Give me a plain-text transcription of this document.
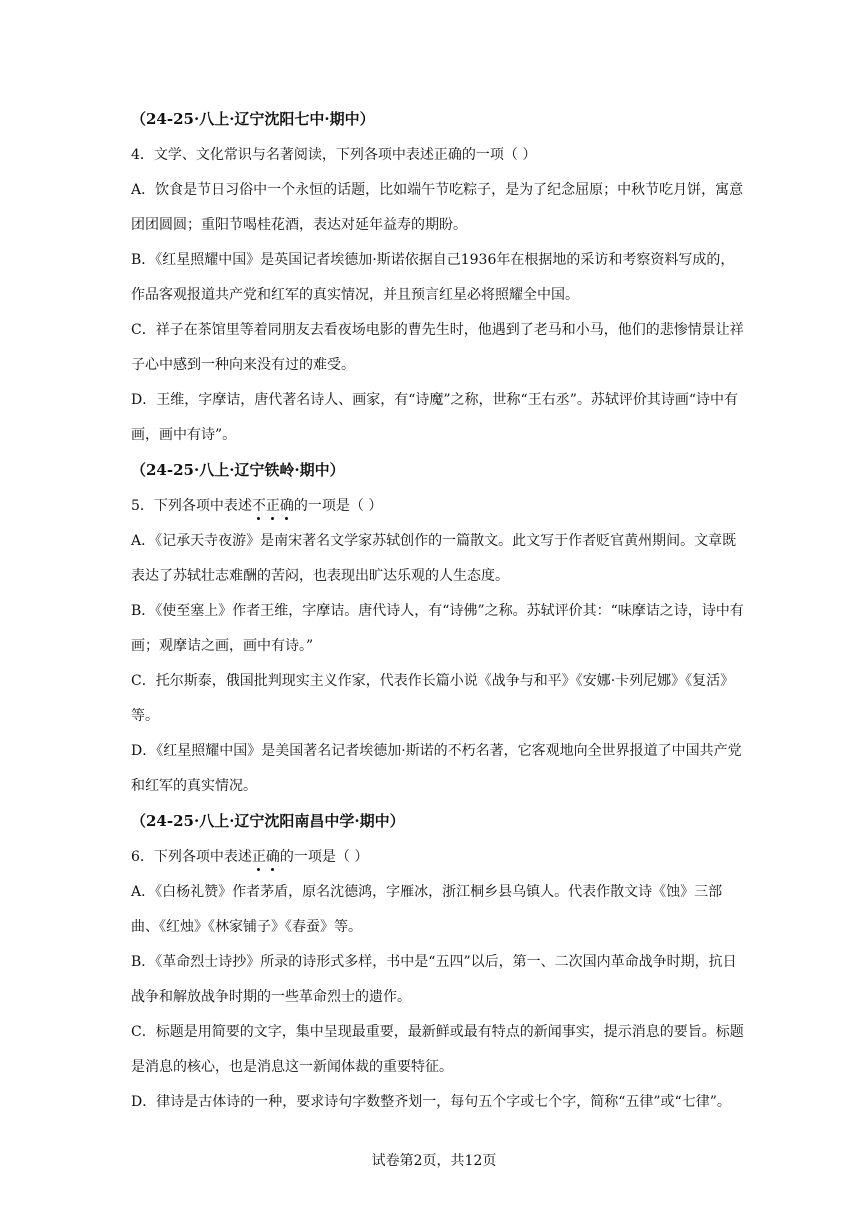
（24-25·八上·辽宁沈阳七中·期中）

4．文学、文化常识与名著阅读，下列各项中表述正确的一项（ ）

A．饮食是节日习俗中一个永恒的话题，比如端午节吃粽子，是为了纪念屈原；中秋节吃月饼，寓意团团圆圆；重阳节喝桂花酒，表达对延年益寿的期盼。

B．《红星照耀中国》是英国记者埃德加·斯诺依据自己1936年在根据地的采访和考察资料写成的，作品客观报道共产党和红军的真实情况，并且预言红星必将照耀全中国。

C．祥子在茶馆里等着同朋友去看夜场电影的曹先生时，他遇到了老马和小马，他们的悲惨情景让祥子心中感到一种向来没有过的难受。

D．王维，字摩诘，唐代著名诗人、画家，有“诗魔”之称，世称“王右丞”。苏轼评价其诗画“诗中有画，画中有诗”。

（24-25·八上·辽宁铁岭·期中）

5．下列各项中表述不正确的一项是（ ）

A．《记承天寺夜游》是南宋著名文学家苏轼创作的一篇散文。此文写于作者贬官黄州期间。文章既表达了苏轼壮志难酬的苦闷，也表现出旷达乐观的人生态度。

B．《使至塞上》作者王维，字摩诘。唐代诗人，有“诗佛”之称。苏轼评价其：“味摩诘之诗，诗中有画；观摩诘之画，画中有诗。”

C．托尔斯泰，俄国批判现实主义作家，代表作长篇小说《战争与和平》《安娜·卡列尼娜》《复活》等。

D．《红星照耀中国》是美国著名记者埃德加·斯诺的不朽名著，它客观地向全世界报道了中国共产党和红军的真实情况。

（24-25·八上·辽宁沈阳南昌中学·期中）

6．下列各项中表述正确的一项是（ ）

A．《白杨礼赞》作者茅盾，原名沈德鸿，字雁冰，浙江桐乡县乌镇人。代表作散文诗《蚀》三部曲、《红烛》《林家铺子》《春蚕》等。

B．《革命烈士诗抄》所录的诗形式多样，书中是“五四”以后，第一、二次国内革命战争时期，抗日战争和解放战争时期的一些革命烈士的遗作。

C．标题是用简要的文字，集中呈现最重要，最新鲜或最有特点的新闻事实，提示消息的要旨。标题是消息的核心，也是消息这一新闻体裁的重要特征。

D．律诗是古体诗的一种，要求诗句字数整齐划一，每句五个字或七个字，简称“五律”或“七律”。

试卷第2页，共12页
